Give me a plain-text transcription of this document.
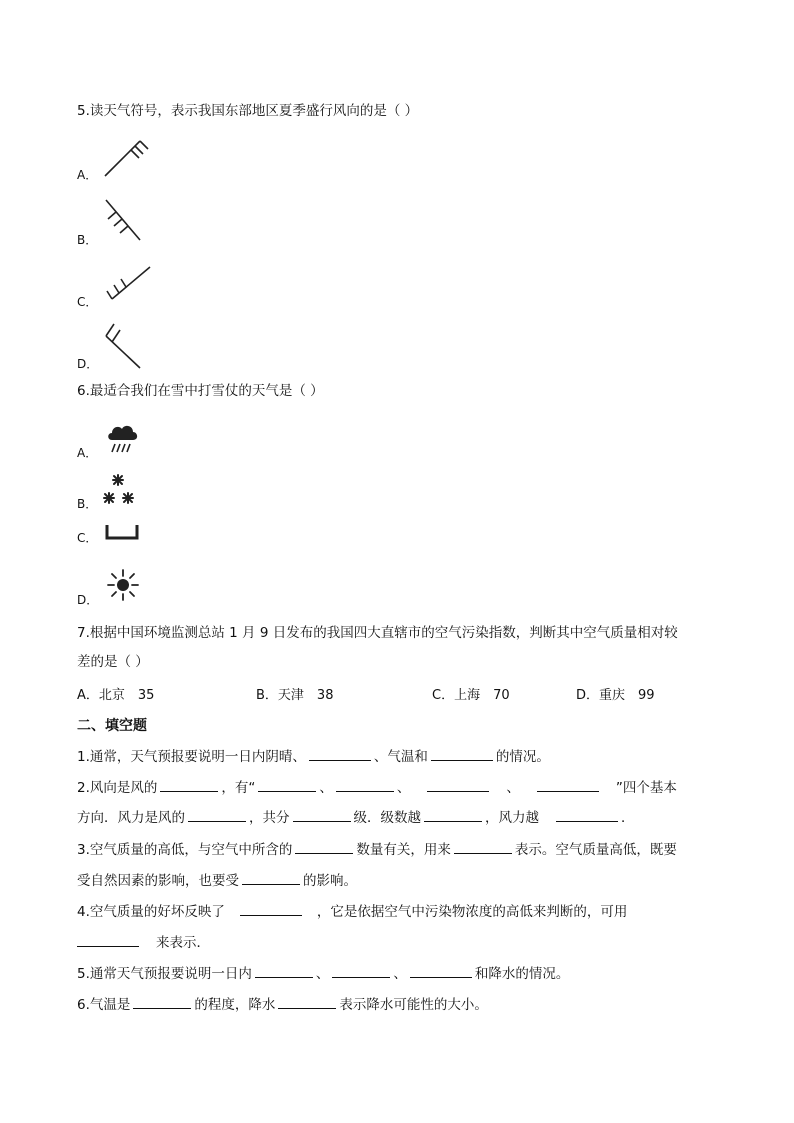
5.读天气符号，表示我国东部地区夏季盛行风向的是（ ）
A．
B．
C．
D．
6.最适合我们在雪中打雪仗的天气是（ ）
A．
B．
C．
D．
7.根据中国环境监测总站 1 月 9 日发布的我国四大直辖市的空气污染指数，判断其中空气质量相对较
差的是（ ）
A．北京　35	B．天津　38	C．上海　70	D．重庆　99
二、填空题
1.通常，天气预报要说明一日内阴晴、	、气温和	的情况。
2.风向是风的	，有“	、	、	、	”四个基本
方向．风力是风的	，共分	级．级数越	，风力越	．
3.空气质量的高低，与空气中所含的	数量有关，用来	表示。空气质量高低，既要
受自然因素的影响，也要受	的影响。
4.空气质量的好坏反映了	，它是依据空气中污染物浓度的高低来判断的，可用
来表示．
5.通常天气预报要说明一日内	、	、	和降水的情况。
6.气温是	的程度，降水	表示降水可能性的大小。
